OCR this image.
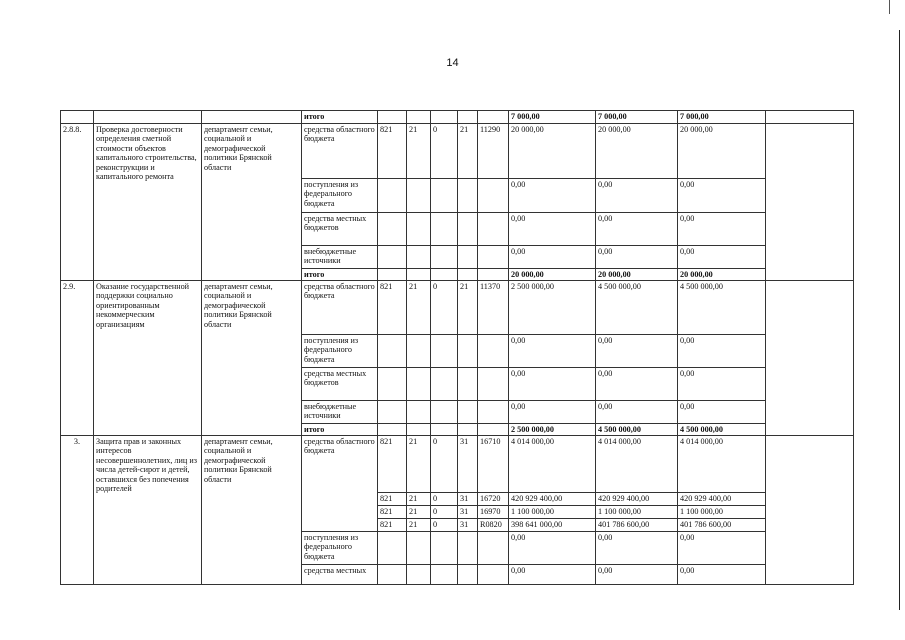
14
			итого						7 000,00	7 000,00	7 000,00	
2.8.8.	Проверка достоверности определения сметной стоимости объектов капитального строительства, реконструкции и капитального ремонта	департамент семьи, социальной и демографической политики Брянской области	средства областного бюджета	821	21	0	21	11290	20 000,00	20 000,00	20 000,00	
			поступления из федерального бюджета						0,00	0,00	0,00	
			средства местных бюджетов						0,00	0,00	0,00	
			внебюджетные источники						0,00	0,00	0,00	
			итого						20 000,00	20 000,00	20 000,00	
2.9.	Оказание государственной поддержки социально ориентированным некоммерческим организациям	департамент семьи, социальной и демографической политики Брянской области	средства областного бюджета	821	21	0	21	11370	2 500 000,00	4 500 000,00	4 500 000,00	
			поступления из федерального бюджета						0,00	0,00	0,00	
			средства местных бюджетов						0,00	0,00	0,00	
			внебюджетные источники						0,00	0,00	0,00	
			итого						2 500 000,00	4 500 000,00	4 500 000,00	
3.	Защита прав и законных интересов несовершеннолетних, лиц из числа детей-сирот и детей, оставшихся без попечения родителей	департамент семьи, социальной и демографической политики Брянской области	средства областного бюджета	821	21	0	31	16710	4 014 000,00	4 014 000,00	4 014 000,00	
				821	21	0	31	16720	420 929 400,00	420 929 400,00	420 929 400,00	
				821	21	0	31	16970	1 100 000,00	1 100 000,00	1 100 000,00	
				821	21	0	31	R0820	398 641 000,00	401 786 600,00	401 786 600,00	
			поступления из федерального бюджета						0,00	0,00	0,00	
			средства местных						0,00	0,00	0,00	
